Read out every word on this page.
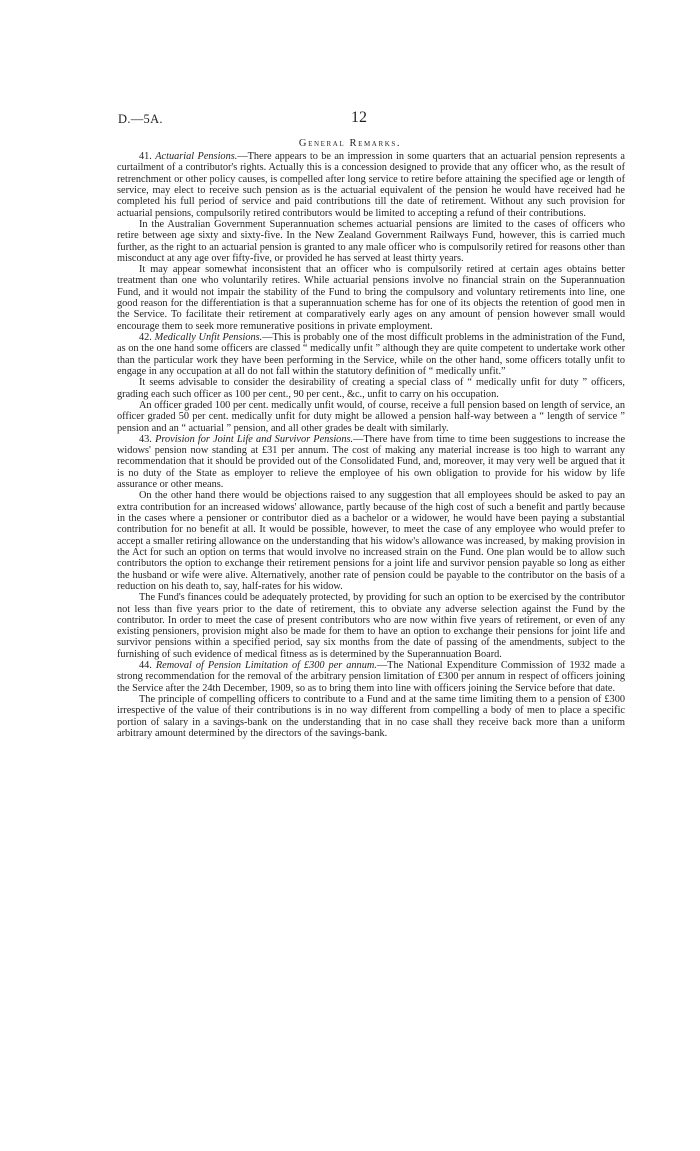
D.—5A.	12
General Remarks.

41. Actuarial Pensions.—There appears to be an impression in some quarters that an actuarial pension represents a curtailment of a contributor's rights. Actually this is a concession designed to provide that any officer who, as the result of retrenchment or other policy causes, is compelled after long service to retire before attaining the specified age or length of service, may elect to receive such pension as is the actuarial equivalent of the pension he would have received had he completed his full period of service and paid contributions till the date of retirement. Without any such provision for actuarial pensions, compulsorily retired contributors would be limited to accepting a refund of their contributions.

In the Australian Government Superannuation schemes actuarial pensions are limited to the cases of officers who retire between age sixty and sixty-five. In the New Zealand Government Railways Fund, however, this is carried much further, as the right to an actuarial pension is granted to any male officer who is compulsorily retired for reasons other than misconduct at any age over fifty-five, or provided he has served at least thirty years.

It may appear somewhat inconsistent that an officer who is compulsorily retired at certain ages obtains better treatment than one who voluntarily retires. While actuarial pensions involve no financial strain on the Superannuation Fund, and it would not impair the stability of the Fund to bring the compulsory and voluntary retirements into line, one good reason for the differentiation is that a superannuation scheme has for one of its objects the retention of good men in the Service. To facilitate their retirement at comparatively early ages on any amount of pension however small would encourage them to seek more remunerative positions in private employment.

42. Medically Unfit Pensions.—This is probably one of the most difficult problems in the administration of the Fund, as on the one hand some officers are classed “ medically unfit ” although they are quite competent to undertake work other than the particular work they have been performing in the Service, while on the other hand, some officers totally unfit to engage in any occupation at all do not fall within the statutory definition of “ medically unfit.”

It seems advisable to consider the desirability of creating a special class of “ medically unfit for duty ” officers, grading each such officer as 100 per cent., 90 per cent., &c., unfit to carry on his occupation.

An officer graded 100 per cent. medically unfit would, of course, receive a full pension based on length of service, an officer graded 50 per cent. medically unfit for duty might be allowed a pension half-way between a “ length of service ” pension and an “ actuarial ” pension, and all other grades be dealt with similarly.

43. Provision for Joint Life and Survivor Pensions.—There have from time to time been suggestions to increase the widows' pension now standing at £31 per annum. The cost of making any material increase is too high to warrant any recommendation that it should be provided out of the Consolidated Fund, and, moreover, it may very well be argued that it is no duty of the State as employer to relieve the employee of his own obligation to provide for his widow by life assurance or other means.

On the other hand there would be objections raised to any suggestion that all employees should be asked to pay an extra contribution for an increased widows' allowance, partly because of the high cost of such a benefit and partly because in the cases where a pensioner or contributor died as a bachelor or a widower, he would have been paying a substantial contribution for no benefit at all. It would be possible, however, to meet the case of any employee who would prefer to accept a smaller retiring allowance on the understanding that his widow's allowance was increased, by making provision in the Act for such an option on terms that would involve no increased strain on the Fund. One plan would be to allow such contributors the option to exchange their retirement pensions for a joint life and survivor pension payable so long as either the husband or wife were alive. Alternatively, another rate of pension could be payable to the contributor on the basis of a reduction on his death to, say, half-rates for his widow.

The Fund's finances could be adequately protected, by providing for such an option to be exercised by the contributor not less than five years prior to the date of retirement, this to obviate any adverse selection against the Fund by the contributor. In order to meet the case of present contributors who are now within five years of retirement, or even of any existing pensioners, provision might also be made for them to have an option to exchange their pensions for joint life and survivor pensions within a specified period, say six months from the date of passing of the amendments, subject to the furnishing of such evidence of medical fitness as is determined by the Superannuation Board.

44. Removal of Pension Limitation of £300 per annum.—The National Expenditure Commission of 1932 made a strong recommendation for the removal of the arbitrary pension limitation of £300 per annum in respect of officers joining the Service after the 24th December, 1909, so as to bring them into line with officers joining the Service before that date.

The principle of compelling officers to contribute to a Fund and at the same time limiting them to a pension of £300 irrespective of the value of their contributions is in no way different from compelling a body of men to place a specific portion of salary in a savings-bank on the understanding that in no case shall they receive back more than a uniform arbitrary amount determined by the directors of the savings-bank.
